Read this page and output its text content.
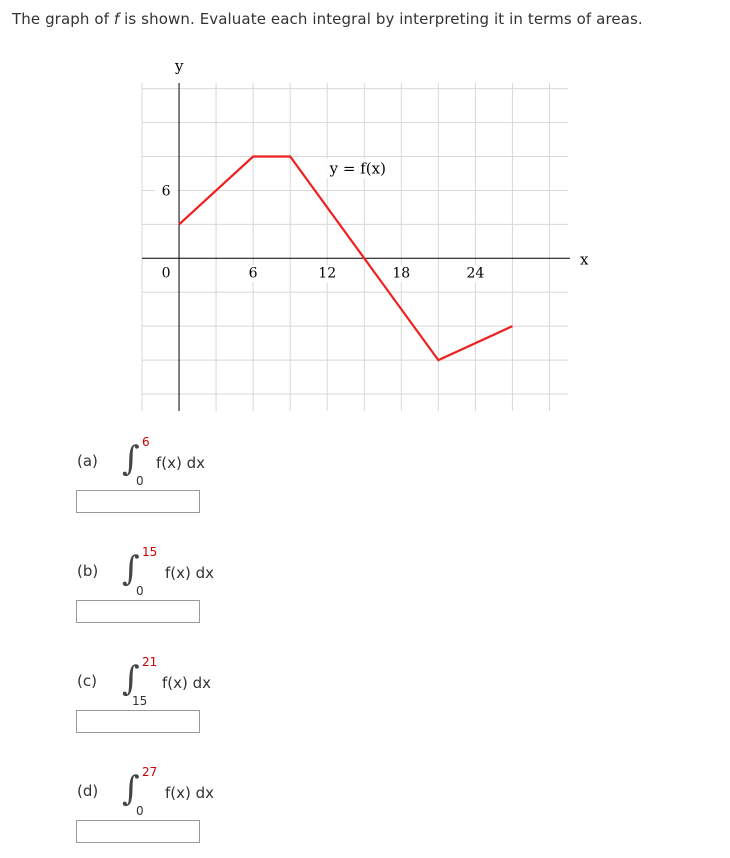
The graph of f is shown. Evaluate each integral by interpreting it in terms of areas.
6	12	18	24
6
0
x
y
y = f(x)
(a) ∫ 6
0
f(x) dx
(b) ∫ 15
0
f(x) dx
(c) ∫ 21
15
f(x) dx
(d) ∫ 27
0
f(x) dx
